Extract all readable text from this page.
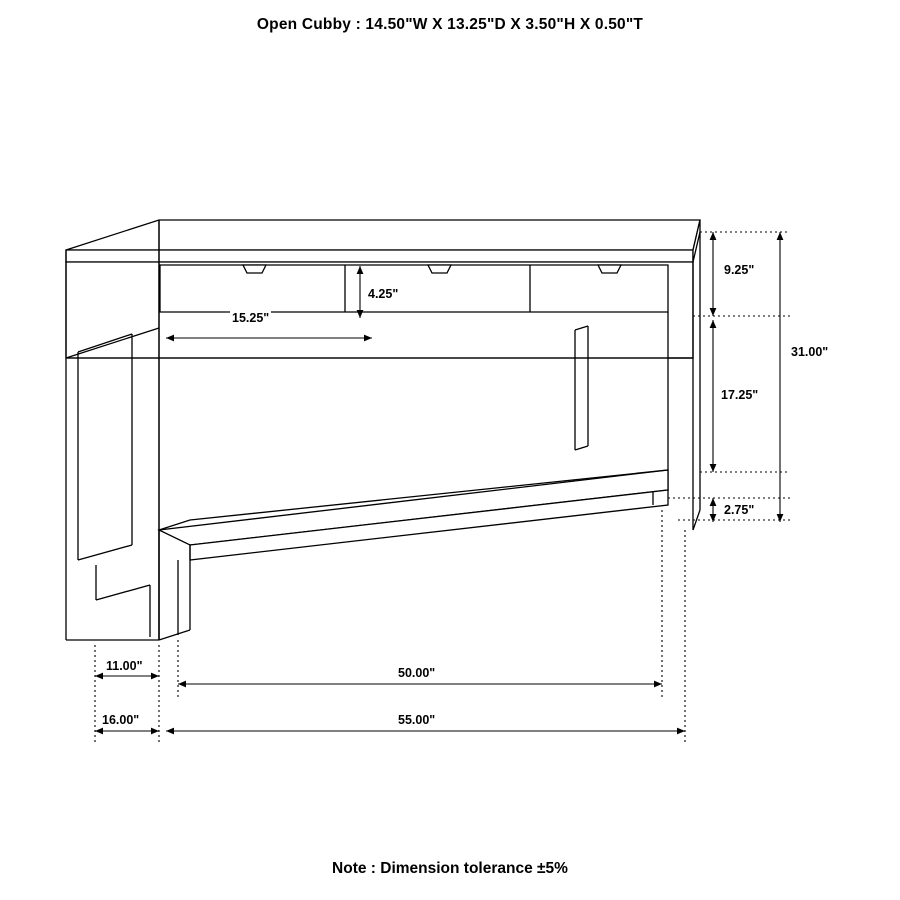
Open Cubby : 14.50"W X 13.25"D X 3.50"H X 0.50"T
15.25"
4.25"
9.25"
17.25"
2.75"
31.00"
11.00"	50.00"
16.00"	55.00"
Note : Dimension tolerance ±5%
